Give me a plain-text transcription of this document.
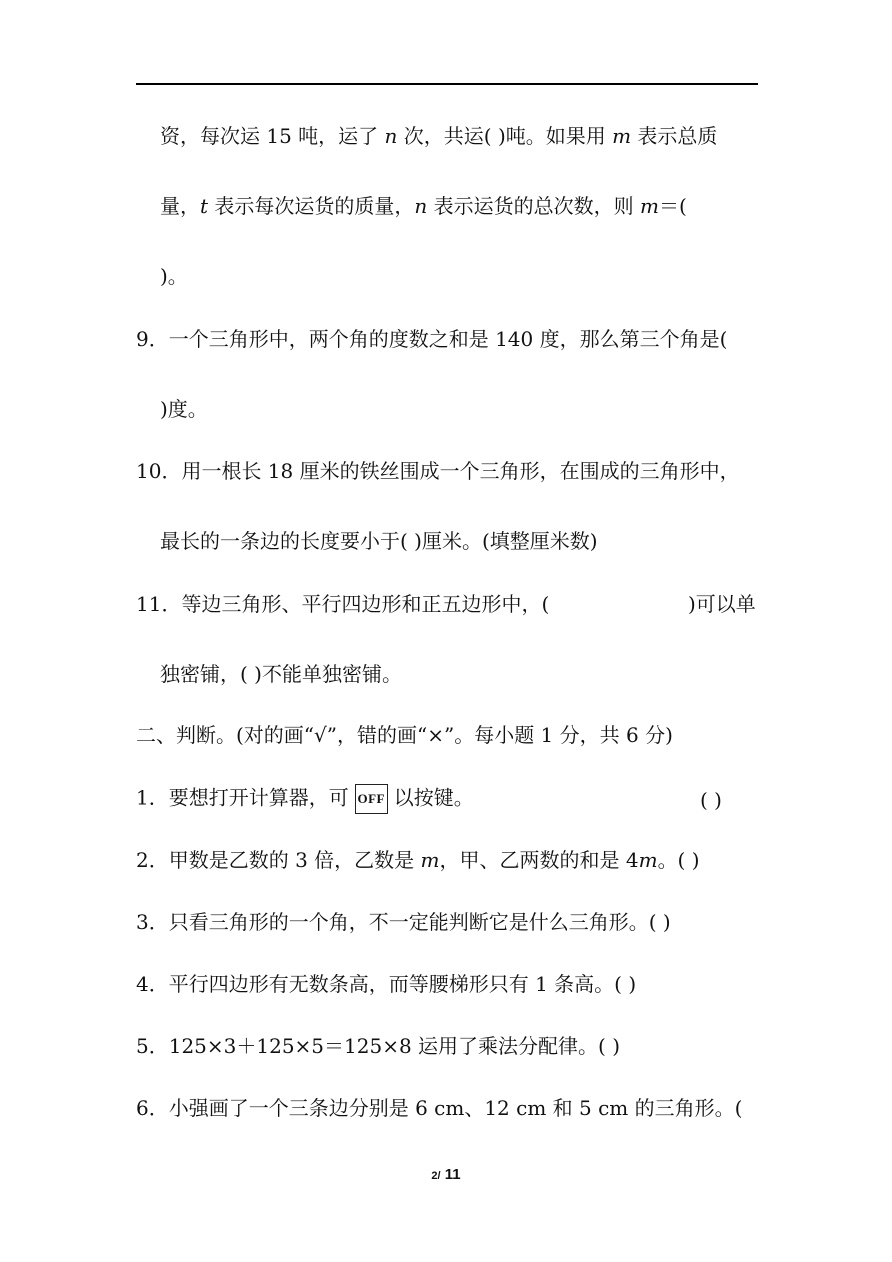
资，每次运 15 吨，运了 n 次，共运( )吨。如果用 m 表示总质
量，t 表示每次运货的质量，n 表示运货的总次数，则 m＝(
)。
9．一个三角形中，两个角的度数之和是 140 度，那么第三个角是(
)度。
10．用一根长 18 厘米的铁丝围成一个三角形，在围成的三角形中，
最长的一条边的长度要小于( )厘米。(填整厘米数)
11．等边三角形、平行四边形和正五边形中，(	)可以单
独密铺，( )不能单独密铺。
二、判断。(对的画“√”，错的画“×”。每小题 1 分，共 6 分)
1．要想打开计算器，可 OFF 以按键。	( )
2．甲数是乙数的 3 倍，乙数是 m，甲、乙两数的和是 4m。( )
3．只看三角形的一个角，不一定能判断它是什么三角形。( )
4．平行四边形有无数条高，而等腰梯形只有 1 条高。( )
5．125×3＋125×5＝125×8 运用了乘法分配律。( )
6．小强画了一个三条边分别是 6 cm、12 cm 和 5 cm 的三角形。(
2/ 11
